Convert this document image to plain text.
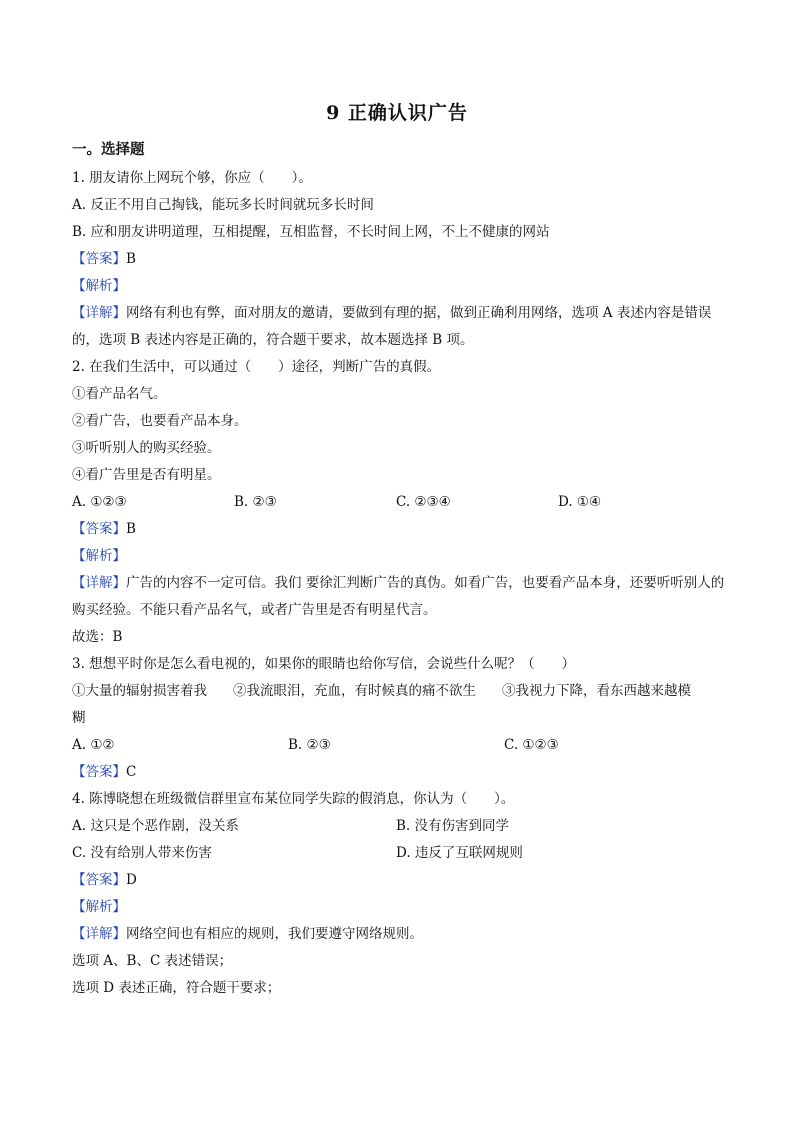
9 正确认识广告
一。选择题
1. 朋友请你上网玩个够，你应（　　）。
A. 反正不用自己掏钱，能玩多长时间就玩多长时间
B. 应和朋友讲明道理，互相提醒，互相监督，不长时间上网，不上不健康的网站
【答案】B
【解析】
【详解】网络有利也有弊，面对朋友的邀请，要做到有理的据，做到正确利用网络，选项 A 表述内容是错误的，选项 B 表述内容是正确的，符合题干要求，故本题选择 B 项。
2. 在我们生活中，可以通过（　　）途径，判断广告的真假。
①看产品名气。
②看广告，也要看产品本身。
③听听别人的购买经验。
④看广告里是否有明星。
A. ①②③	B. ②③	C. ②③④	D. ①④
【答案】B
【解析】
【详解】广告的内容不一定可信。我们 要徐汇判断广告的真伪。如看广告，也要看产品本身，还要听听别人的购买经验。不能只看产品名气，或者广告里是否有明星代言。
故选：B
3. 想想平时你是怎么看电视的，如果你的眼睛也给你写信，会说些什么呢？（　　）
①大量的辐射损害着我 ②我流眼泪，充血，有时候真的痛不欲生 ③我视力下降，看东西越来越模糊
A. ①②	B. ②③	C. ①②③
【答案】C
4. 陈博晓想在班级微信群里宣布某位同学失踪的假消息，你认为（　　）。
A. 这只是个恶作剧，没关系	B. 没有伤害到同学
C. 没有给别人带来伤害	D. 违反了互联网规则
【答案】D
【解析】
【详解】网络空间也有相应的规则，我们要遵守网络规则。
选项 A、B、C 表述错误；
选项 D 表述正确，符合题干要求；
